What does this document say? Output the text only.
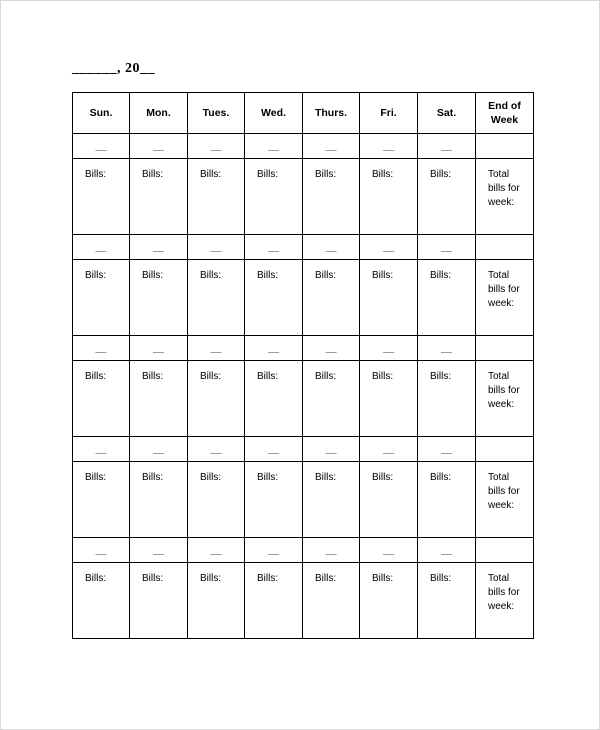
______, 20__
Sun.	Mon.	Tues.	Wed.	Thurs.	Fri.	Sat.	End of Week
__	__	__	__	__	__	__	

Bills:	Bills:	Bills:	Bills:	Bills:	Bills:	Bills:	Total bills for week:

__	__	__	__	__	__	__	

Bills:	Bills:	Bills:	Bills:	Bills:	Bills:	Bills:	Total bills for week:

__	__	__	__	__	__	__	

Bills:	Bills:	Bills:	Bills:	Bills:	Bills:	Bills:	Total bills for week:

__	__	__	__	__	__	__	

Bills:	Bills:	Bills:	Bills:	Bills:	Bills:	Bills:	Total bills for week:

__	__	__	__	__	__	__	

Bills:	Bills:	Bills:	Bills:	Bills:	Bills:	Bills:	Total bills for week:
